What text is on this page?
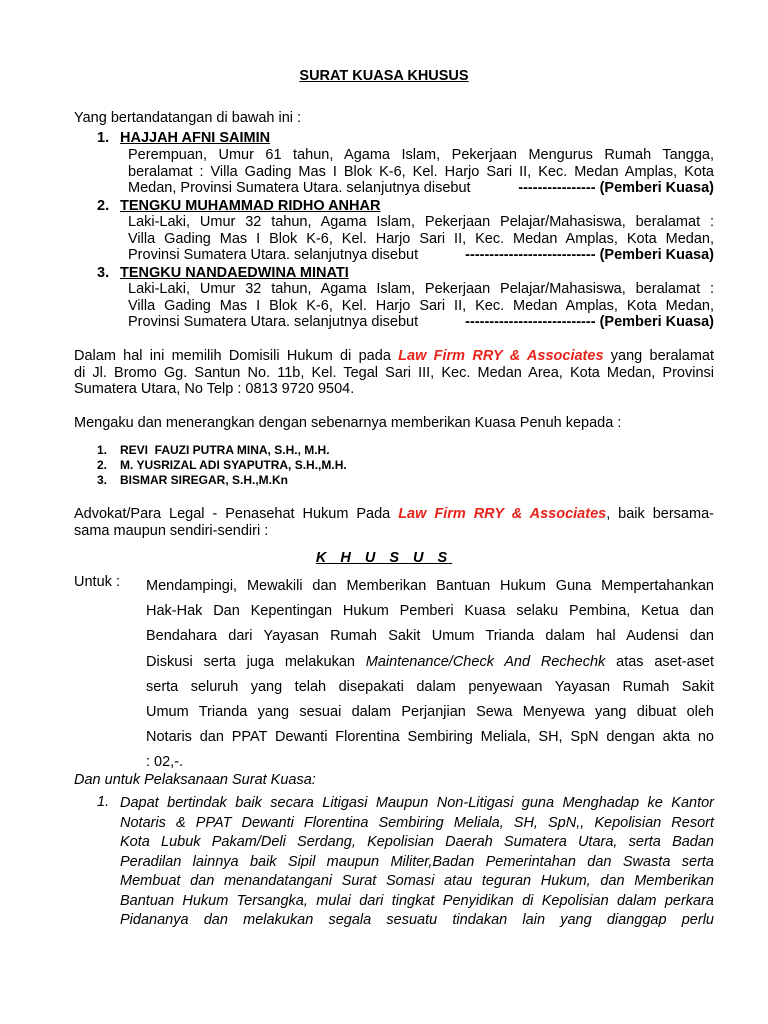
SURAT KUASA KHUSUS
Yang bertandatangan di bawah ini :
1. HAJJAH AFNI SAIMIN
Perempuan, Umur 61 tahun, Agama Islam, Pekerjaan Mengurus Rumah Tangga,
beralamat : Villa Gading Mas I Blok K-6, Kel. Harjo Sari II, Kec. Medan Amplas, Kota
Medan, Provinsi Sumatera Utara. selanjutnya disebut	---------------- (Pemberi Kuasa)
2. TENGKU MUHAMMAD RIDHO ANHAR
Laki-Laki, Umur 32 tahun, Agama Islam, Pekerjaan Pelajar/Mahasiswa, beralamat :
Villa Gading Mas I Blok K-6, Kel. Harjo Sari II, Kec. Medan Amplas, Kota Medan,
Provinsi Sumatera Utara. selanjutnya disebut	--------------------------- (Pemberi Kuasa)
3. TENGKU NANDAEDWINA MINATI
Laki-Laki, Umur 32 tahun, Agama Islam, Pekerjaan Pelajar/Mahasiswa, beralamat :
Villa Gading Mas I Blok K-6, Kel. Harjo Sari II, Kec. Medan Amplas, Kota Medan,
Provinsi Sumatera Utara. selanjutnya disebut	--------------------------- (Pemberi Kuasa)
Dalam hal ini memilih Domisili Hukum di pada Law Firm RRY & Associates yang beralamat
di Jl. Bromo Gg. Santun No. 11b, Kel. Tegal Sari III, Kec. Medan Area, Kota Medan, Provinsi
Sumatera Utara, No Telp : 0813 9720 9504.
Mengaku dan menerangkan dengan sebenarnya memberikan Kuasa Penuh kepada :
1. REVI  FAUZI PUTRA MINA, S.H., M.H.
2. M. YUSRIZAL ADI SYAPUTRA, S.H.,M.H.
3. BISMAR SIREGAR, S.H.,M.Kn
Advokat/Para Legal - Penasehat Hukum Pada Law Firm RRY & Associates, baik bersama-
sama maupun sendiri-sendiri :
K H U S U S
Untuk : Mendampingi, Mewakili dan Memberikan Bantuan Hukum Guna Mempertahankan
Hak-Hak Dan Kepentingan Hukum Pemberi Kuasa selaku Pembina, Ketua dan
Bendahara dari Yayasan Rumah Sakit Umum Trianda dalam hal Audensi dan
Diskusi serta juga melakukan Maintenance/Check And Rechechk atas aset-aset
serta seluruh yang telah disepakati dalam penyewaan Yayasan Rumah Sakit
Umum Trianda yang sesuai dalam Perjanjian Sewa Menyewa yang dibuat oleh
Notaris dan PPAT Dewanti Florentina Sembiring Meliala, SH, SpN dengan akta no
: 02,-.
Dan untuk Pelaksanaan Surat Kuasa:
1. Dapat bertindak baik secara Litigasi Maupun Non-Litigasi guna Menghadap ke Kantor
Notaris & PPAT Dewanti Florentina Sembiring Meliala, SH, SpN,, Kepolisian Resort
Kota Lubuk Pakam/Deli Serdang, Kepolisian Daerah Sumatera Utara, serta Badan
Peradilan lainnya baik Sipil maupun Militer,Badan Pemerintahan dan Swasta serta
Membuat dan menandatangani Surat Somasi atau teguran Hukum, dan Memberikan
Bantuan Hukum Tersangka, mulai dari tingkat Penyidikan di Kepolisian dalam perkara
Pidananya dan melakukan segala sesuatu tindakan lain yang dianggap perlu
